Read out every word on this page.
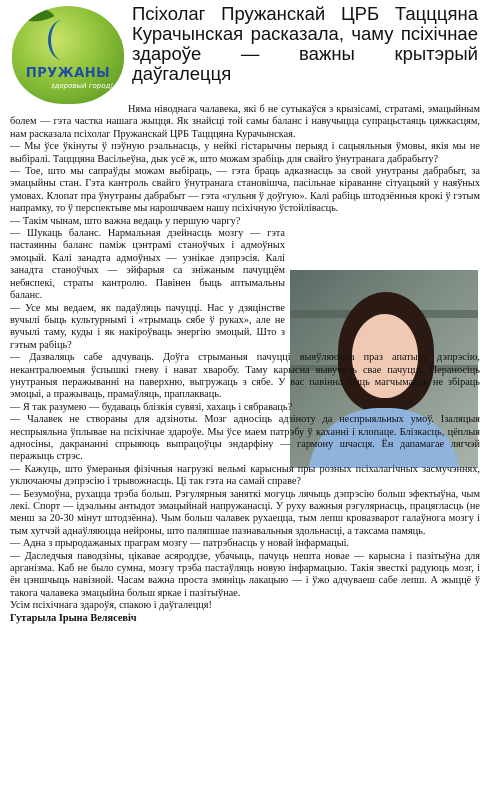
ПРУЖАНЫ
здоровый город!
Псіхолаг Пружанскай ЦРБ Тацццяна Курачынская расказала, чаму псіхічнае здароўе — важны крытэрый даўгалецця

Няма ніводнага чалавека, які б не сутыкаўся з крызісамі, стратамі, эмацыйным болем — гэта частка нашага жыцця. Як знайсці той самы баланс і навучыцца супрацьстаяць цяжкасцям, нам расказала псіхолаг Пружанскай ЦРБ Тацццяна Курачынская.

— Мы ўсе ўкінуты ў пэўную рэальнасць, у нейкі гістарычны перыяд і сацыяльныя ўмовы, якія мы не выбіралі. Тацццяна Васільеўна, дык усё ж, што можам зрабіць для свайго ўнутранага дабрабыту?

— Тое, што мы сапраўды можам выбіраць, — гэта браць адказнасць за свой унутраны дабрабыт, за эмацыйны стан. Гэта кантроль свайго ўнутранага становішча, пасільнае кіраванне сітуацыяй у наяўных умовах. Клопат пра ўнутраны дабрабыт — гэта «гульня ў доўгую». Калі рабіць штодзённыя крокі ў гэтым напрамку, то ў перспектыве мы нарошчваем нашу псіхічную ўстойлівасць.

— Такім чынам, што важна ведаць у першую чаргу?

— Шукаць баланс. Нармальная дзейнасць мозгу — гэта пастаянны баланс паміж цэнтрамі станоўчых і адмоўных эмоцый. Калі занадта адмоўных — узнікае дэпрэсія. Калі занадта станоўчых — эйфарыя са зніжаным пачуццём небяспекі, страты кантролю. Павінен быць аптымальны баланс.

— Усе мы ведаем, як падаўляць пачуцці. Нас у дзяцінстве вучылі быць культурнымі і «трымаць сябе ў руках», але не вучылі таму, куды і як накіроўваць энергію эмоцый. Што з гэтым рабіць?

— Дазваляць сабе адчуваць. Доўга стрыманыя пачуцці выяўляюцца праз апатыю, дэпрэсію, некантралюемыя ўспышкі гневу і нават хваробу. Таму карысна вывучаць свае пачуцці. Пераносіць унутраныя перажыванні на паверхню, выгружаць з сябе. У вас павінна быць магчымасць не збіраць эмоцыі, а пражываць, прамаўляць, праплакваць.

— Я так разумею — будаваць блізкія сувязі, хахаць і сябраваць?

— Чалавек не створаны для адзіноты. Мозг адносіць адзіноту да неспрыяльных умоў. Ізаляцыя неспрыяльна ўплывае на псіхічнае здароўе. Мы ўсе маем патрэбу ў каханні і клопаце. Блізкасць, цёплыя адносіны, дакрананні спрыяюць выпрацоўцы эндарфіну — гармону шчасця. Ён дапамагае лягчэй перажыць стрэс.

— Кажуць, што ўмераныя фізічныя нагрузкі вельмі карысныя пры розных псіхалагічных засмучэннях, уключаючы дэпрэсію і трывожнасць. Ці так гэта на самай справе?

— Безумоўна, рухацца трэба больш. Рэгулярныя заняткі могуць лячыць дэпрэсію больш эфектыўна, чым лекі. Спорт — ідэальны антыдот эмацыйнай напружанасці. У руху важныя рэгулярнасць, працягласць (не менш за 20-30 мінут штодзённа). Чым больш чалавек рухаецца, тым лепш кровазварот галаўнога мозгу і тым хутчэй аднаўляюцца нейроны, што паляпшае пазнавальныя здольнасці, а таксама памяць.

— Адна з прыродажаных праграм мозгу — патрэбнасць у новай інфармацыі.

— Даследчыя паводзіны, цікавае асяроддзе, убачыць, пачуць нешта новае — карысна і пазітыўна для арганізма. Каб не было сумна, мозгу трэба пастаўляць новую інфармацыю. Такія звесткі радуюць мозг, і ён цэншчыць навізной. Часам важна проста змяніць лакацыю — і ўжо адчуваеш сабе лепш. А жыццё ў такога чалавека эмацыйна больш яркае і пазітыўнае.

Усім псіхічнага здароўя, спакою і даўгалецця!

Гутарыла Ірына Велясевіч
